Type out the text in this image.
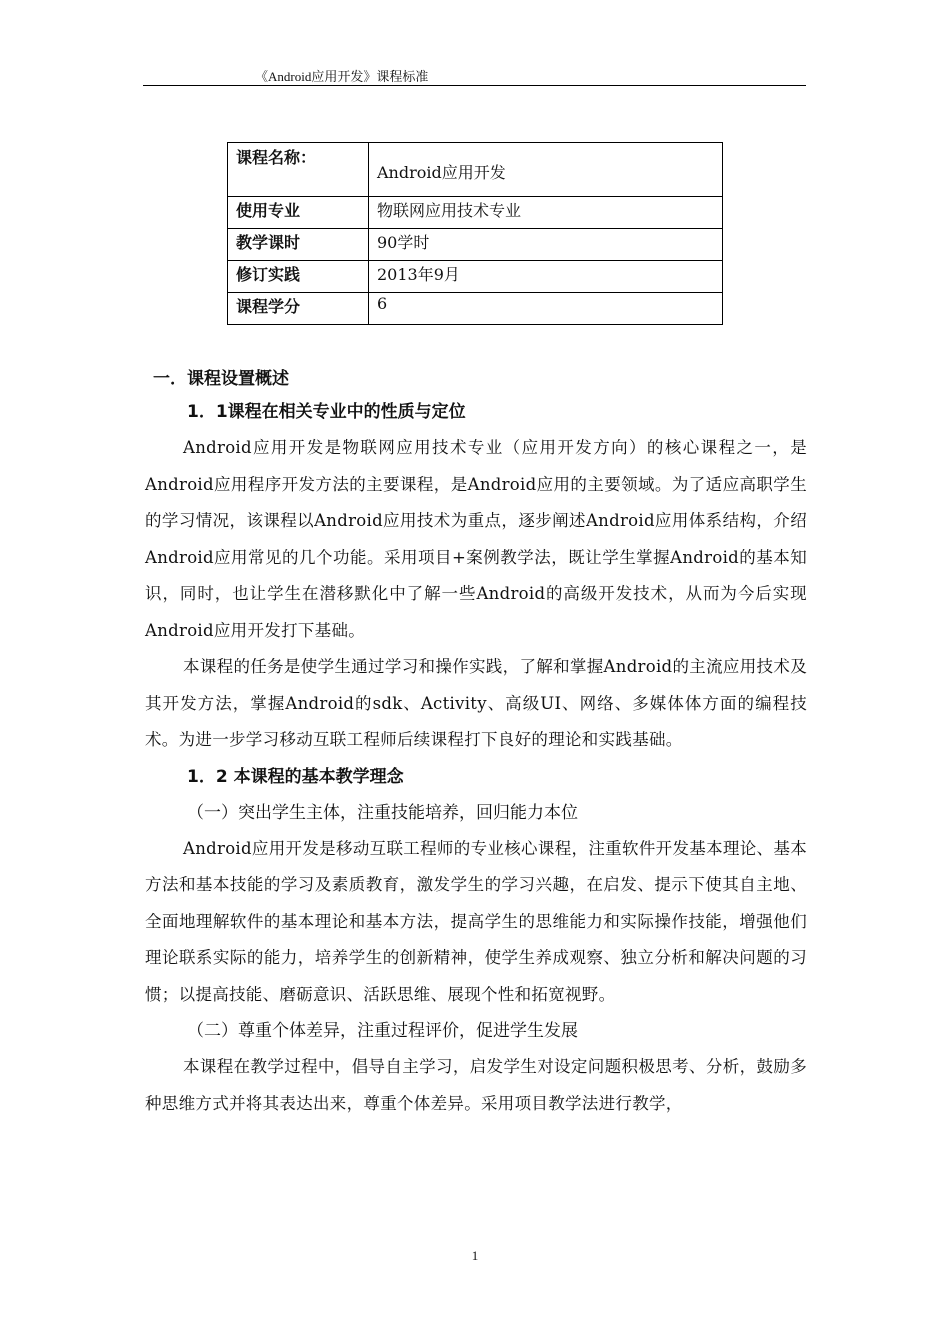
《Android应用开发》课程标准
课程名称：	Android应用开发
使用专业	物联网应用技术专业
教学课时	90学时
修订实践	2013年9月
课程学分	6
一．课程设置概述
1．1课程在相关专业中的性质与定位

Android应用开发是物联网应用技术专业（应用开发方向）的核心课程之一，是Android应用程序开发方法的主要课程，是Android应用的主要领域。为了适应高职学生的学习情况，该课程以Android应用技术为重点，逐步阐述Android应用体系结构，介绍Android应用常见的几个功能。采用项目+案例教学法，既让学生掌握Android的基本知识，同时，也让学生在潜移默化中了解一些Android的高级开发技术，从而为今后实现Android应用开发打下基础。

本课程的任务是使学生通过学习和操作实践，了解和掌握Android的主流应用技术及其开发方法，掌握Android的sdk、Activity、高级UI、网络、多媒体体方面的编程技术。为进一步学习移动互联工程师后续课程打下良好的理论和实践基础。

1．2 本课程的基本教学理念
（一）突出学生主体，注重技能培养，回归能力本位

Android应用开发是移动互联工程师的专业核心课程，注重软件开发基本理论、基本方法和基本技能的学习及素质教育，激发学生的学习兴趣，在启发、提示下使其自主地、全面地理解软件的基本理论和基本方法，提高学生的思维能力和实际操作技能，增强他们理论联系实际的能力，培养学生的创新精神，使学生养成观察、独立分析和解决问题的习惯；以提高技能、磨砺意识、活跃思维、展现个性和拓宽视野。

（二）尊重个体差异，注重过程评价，促进学生发展

本课程在教学过程中，倡导自主学习，启发学生对设定问题积极思考、分析，鼓励多种思维方式并将其表达出来，尊重个体差异。采用项目教学法进行教学，

1
